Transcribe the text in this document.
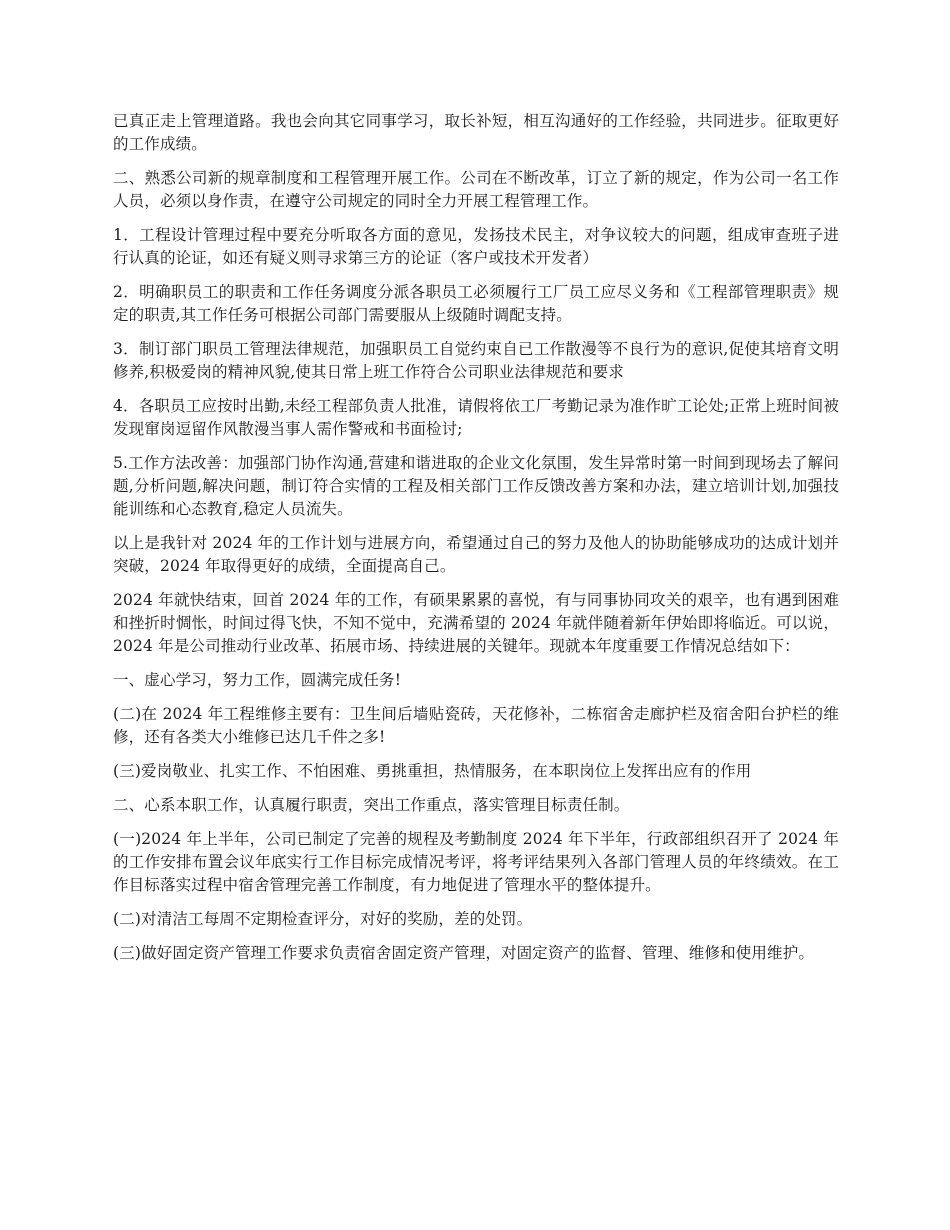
已真正走上管理道路。我也会向其它同事学习，取长补短，相互沟通好的工作经验，共同进步。征取更好的工作成绩。

二、熟悉公司新的规章制度和工程管理开展工作。公司在不断改革，订立了新的规定，作为公司一名工作人员，必须以身作责，在遵守公司规定的同时全力开展工程管理工作。

1．工程设计管理过程中要充分听取各方面的意见，发扬技术民主，对争议较大的问题，组成审查班子进行认真的论证，如还有疑义则寻求第三方的论证（客户或技术开发者）

2．明确职员工的职责和工作任务调度分派各职员工必须履行工厂员工应尽义务和《工程部管理职责》规定的职责,其工作任务可根据公司部门需要服从上级随时调配支持。

3．制订部门职员工管理法律规范，加强职员工自觉约束自已工作散漫等不良行为的意识,促使其培育文明修养,积极爱岗的精神风貌,使其日常上班工作符合公司职业法律规范和要求

4．各职员工应按时出勤,未经工程部负责人批准，请假将依工厂考勤记录为准作旷工论处;正常上班时间被发现窜岗逗留作风散漫当事人需作警戒和书面检讨;

5.工作方法改善：加强部门协作沟通,营建和谐进取的企业文化氛围，发生异常时第一时间到现场去了解问题,分析问题,解决问题，制订符合实情的工程及相关部门工作反馈改善方案和办法，建立培训计划,加强技能训练和心态教育,稳定人员流失。

以上是我针对 2024 年的工作计划与进展方向，希望通过自己的努力及他人的协助能够成功的达成计划并突破，2024 年取得更好的成绩，全面提高自己。

2024 年就快结束，回首 2024 年的工作，有硕果累累的喜悦，有与同事协同攻关的艰辛，也有遇到困难和挫折时惆怅，时间过得飞快，不知不觉中，充满希望的 2024 年就伴随着新年伊始即将临近。可以说，2024 年是公司推动行业改革、拓展市场、持续进展的关键年。现就本年度重要工作情况总结如下：

一、虚心学习，努力工作，圆满完成任务!

(二)在 2024 年工程维修主要有：卫生间后墙贴瓷砖，天花修补，二栋宿舍走廊护栏及宿舍阳台护栏的维修，还有各类大小维修已达几千件之多!

(三)爱岗敬业、扎实工作、不怕困难、勇挑重担，热情服务，在本职岗位上发挥出应有的作用

二、心系本职工作，认真履行职责，突出工作重点，落实管理目标责任制。

(一)2024 年上半年，公司已制定了完善的规程及考勤制度 2024 年下半年，行政部组织召开了 2024 年的工作安排布置会议年底实行工作目标完成情况考评，将考评结果列入各部门管理人员的年终绩效。在工作目标落实过程中宿舍管理完善工作制度，有力地促进了管理水平的整体提升。

(二)对清洁工每周不定期检查评分，对好的奖励，差的处罚。

(三)做好固定资产管理工作要求负责宿舍固定资产管理，对固定资产的监督、管理、维修和使用维护。
